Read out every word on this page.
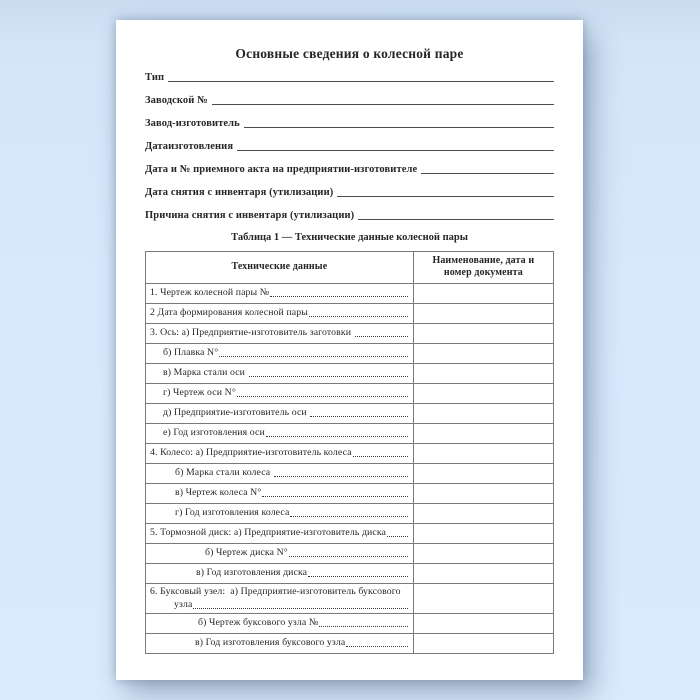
Основные сведения о колесной паре
Тип
Заводской №
Завод-изготовитель
Датаизготовления
Дата и № приемного акта на предприятии-изготовителе
Дата снятия с инвентаря (утилизации)
Причина снятия с инвентаря (утилизации)
Таблица 1 — Технические данные колесной пары
Технические данные	Наименование, дата и номер документа

1. Чертеж колесной пары №	

2 Дата формирования колесной пары	

3. Ось: а) Предприятие-изготовитель заготовки	

б) Плавка N°	

в) Марка стали оси	

г) Чертеж оси N°	

д) Предприятие-изготовитель оси	

е) Год изготовления оси	

4. Колесо: а) Предприятие-изготовитель колеса	

б) Марка стали колеса	

в) Чертеж колеса N°	

г) Год изготовления колеса	

5. Тормозной диск: а) Предприятие-изготовитель диска	

б) Чертеж диска N°	

в) Год изготовления диска	

6. Буксовый узел:  а) Предприятие-изготовитель буксового
узла	

б) Чертеж буксового узла №	

в) Год изготовления буксового узла	
